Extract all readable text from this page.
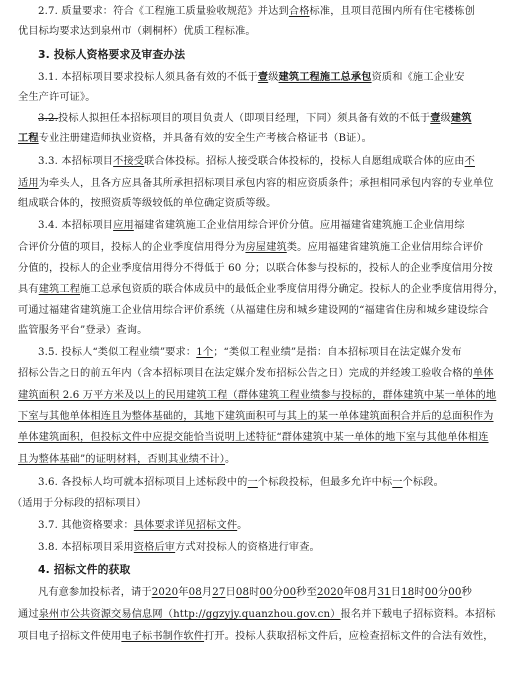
2.7. 质量要求：符合《工程施工质量验收规范》并达到合格标准，且项目范围内所有住宅楼栋创
优目标均要求达到泉州市（刺桐杯）优质工程标准。
3. 投标人资格要求及审查办法
3.1. 本招标项目要求投标人须具备有效的不低于壹级建筑工程施工总承包资质和《施工企业安
全生产许可证》。
3.2.投标人拟担任本招标项目的项目负责人（即项目经理，下同）须具备有效的不低于壹级建筑
工程专业注册建造师执业资格，并具备有效的安全生产考核合格证书（B证）。
3.3. 本招标项目不接受联合体投标。招标人接受联合体投标的，投标人自愿组成联合体的应由不
适用为牵头人，且各方应具备其所承担招标项目承包内容的相应资质条件；承担相同承包内容的专业单位
组成联合体的，按照资质等级较低的单位确定资质等级。
3.4. 本招标项目应用福建省建筑施工企业信用综合评价分值。应用福建省建筑施工企业信用综
合评价分值的项目，投标人的企业季度信用得分为房屋建筑类。应用福建省建筑施工企业信用综合评价
分值的，投标人的企业季度信用得分不得低于 60 分；以联合体参与投标的，投标人的企业季度信用分按
具有建筑工程施工总承包资质的联合体成员中的最低企业季度信用得分确定。投标人的企业季度信用得分，
可通过福建省建筑施工企业信用综合评价系统（从福建住房和城乡建设网的“福建省住房和城乡建设综合
监管服务平台”登录）查询。
3.5. 投标人“类似工程业绩”要求：1个；“类似工程业绩”是指：自本招标项目在法定媒介发布
招标公告之日的前五年内（含本招标项目在法定媒介发布招标公告之日）完成的并经竣工验收合格的单体
建筑面积 2.6 万平方米及以上的民用建筑工程（群体建筑工程业绩参与投标的，群体建筑中某一单体的地
下室与其他单体相连且为整体基础的，其地下建筑面积可与其上的某一单体建筑面积合并后的总面积作为
单体建筑面积，但投标文件中应提交能恰当说明上述特征“群体建筑中某一单体的地下室与其他单体相连
且为整体基础”的证明材料，否则其业绩不计）。
3.6. 各投标人均可就本招标项目上述标段中的一个标段投标，但最多允许中标一个标段。
（适用于分标段的招标项目）
3.7. 其他资格要求：具体要求详见招标文件。
3.8. 本招标项目采用资格后审方式对投标人的资格进行审查。
4. 招标文件的获取
凡有意参加投标者，请于2020年08月27日08时00分00秒至2020年08月31日18时00分00秒
通过泉州市公共资源交易信息网（http://ggzyjy.quanzhou.gov.cn）报名并下载电子招标资料。本招标
项目电子招标文件使用电子标书制作软件打开。投标人获取招标文件后，应检查招标文件的合法有效性，
